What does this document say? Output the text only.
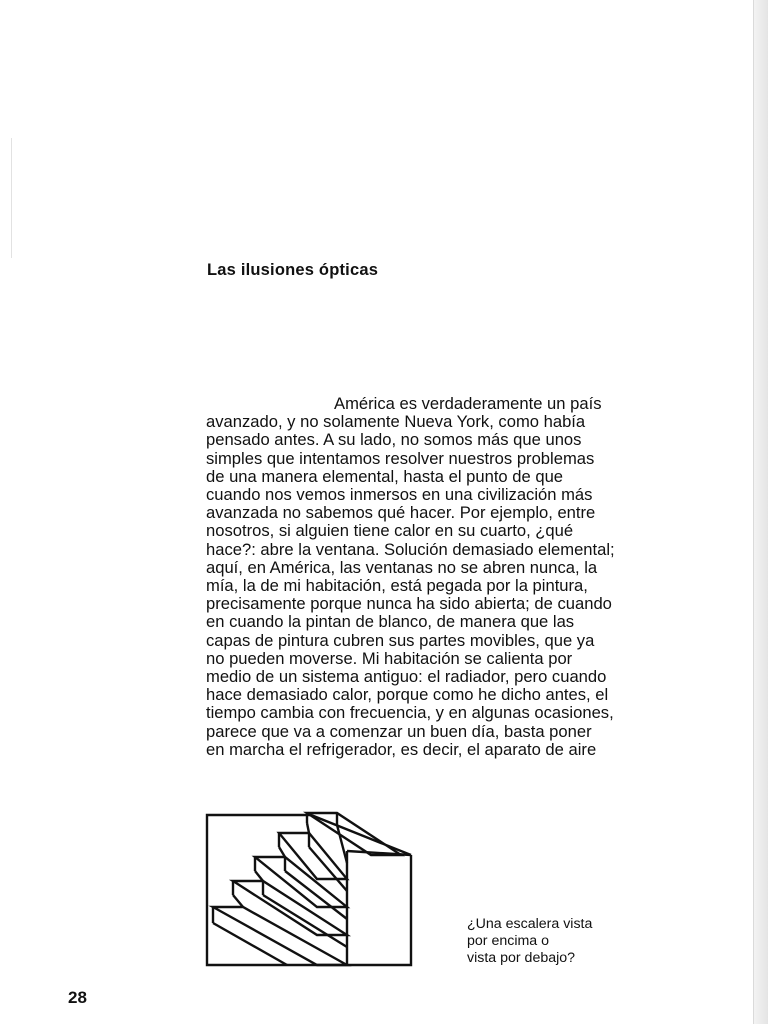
Las ilusiones ópticas
América es verdaderamente un país
avanzado, y no solamente Nueva York, como había
pensado antes. A su lado, no somos más que unos
simples que intentamos resolver nuestros problemas
de una manera elemental, hasta el punto de que
cuando nos vemos inmersos en una civilización más
avanzada no sabemos qué hacer. Por ejemplo, entre
nosotros, si alguien tiene calor en su cuarto, ¿qué
hace?: abre la ventana. Solución demasiado elemental;
aquí, en América, las ventanas no se abren nunca, la
mía, la de mi habitación, está pegada por la pintura,
precisamente porque nunca ha sido abierta; de cuando
en cuando la pintan de blanco, de manera que las
capas de pintura cubren sus partes movibles, que ya
no pueden moverse. Mi habitación se calienta por
medio de un sistema antiguo: el radiador, pero cuando
hace demasiado calor, porque como he dicho antes, el
tiempo cambia con frecuencia, y en algunas ocasiones,
parece que va a comenzar un buen día, basta poner
en marcha el refrigerador, es decir, el aparato de aire
¿Una escalera vista
por encima o
vista por debajo?
28
